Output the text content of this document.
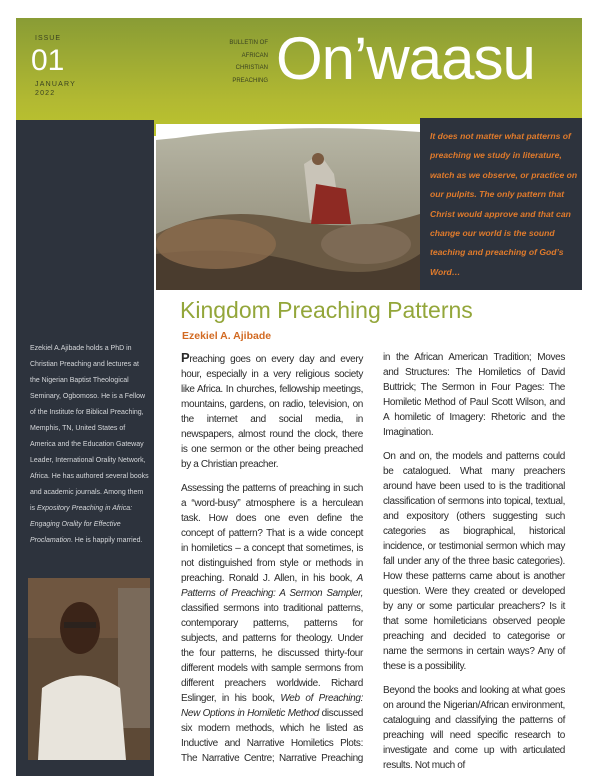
ISSUE
01
JANUARY
2022
BULLETIN OF
AFRICAN
CHRISTIAN
PREACHING On’waasu
It does not matter what patterns of preaching we study in literature, watch as we observe, or practice on our pulpits. The only pattern that Christ would approve and that can change our world is the sound teaching and preaching of God’s Word…
Ezekiel A.Ajibade holds a PhD in Christian Preaching and lectures at the Nigerian Baptist Theological Seminary, Ogbomoso. He is a Fellow of the Institute for Biblical Preaching, Memphis, TN, United States of America and the Education Gateway Leader, International Orality Network, Africa. He has authored several books and academic journals. Among them is Expository Preaching in Africa: Engaging Orality for Effective Proclamation. He is happily married.
Kingdom Preaching Patterns
Ezekiel A. Ajibade

Preaching goes on every day and every hour, especially in a very religious society like Africa. In churches, fellowship meetings, mountains, gardens, on radio, television, on the internet and social media, in newspapers, almost round the clock, there is one sermon or the other being preached by a Christian preacher.

Assessing the patterns of preaching in such a “word-busy” atmosphere is a herculean task. How does one even define the concept of pattern? That is a wide concept in homiletics – a concept that sometimes, is not distinguished from style or methods in preaching. Ronald J. Allen, in his book, A Patterns of Preaching: A Sermon Sampler, classified sermons into traditional patterns, contemporary patterns, patterns for subjects, and patterns for theology. Under the four patterns, he discussed thirty-four different models with sample sermons from different preachers worldwide. Richard Eslinger, in his book, Web of Preaching: New Options in Homiletic Method discussed six modern methods, which he listed as Inductive and Narrative Homiletics Plots: The Narrative Centre; Narrative Preaching in the African American Tradition; Moves and Structures: The Homiletics of David Buttrick; The Sermon in Four Pages: The Homiletic Method of Paul Scott Wilson, and A homiletic of Imagery: Rhetoric and the Imagination.

On and on, the models and patterns could be catalogued. What many preachers around have been used to is the traditional classification of sermons into topical, textual, and expository (others suggesting such categories as biographical, historical incidence, or testimonial sermon which may fall under any of the three basic categories). How these patterns came about is another question. Were they created or developed by any or some particular preachers? Is it that some homileticians observed people preaching and decided to categorise or name the sermons in certain ways? Any of these is a possibility.

Beyond the books and looking at what goes on around the Nigerian/African environment, cataloguing and classifying the patterns of preaching will need specific research to investigate and come up with articulated results. Not much of
